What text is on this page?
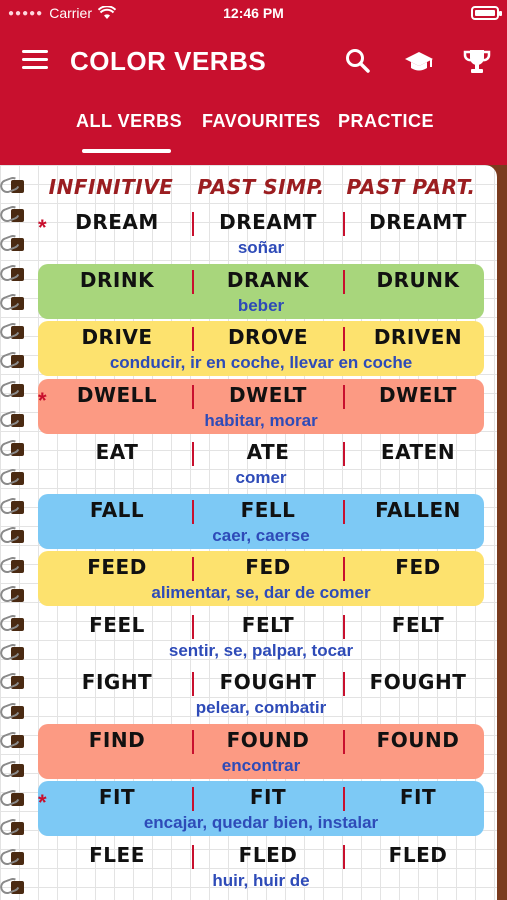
●●●●● Carrier	12:46 PM
COLOR VERBS
ALL VERBS FAVOURITES PRACTICE
INFINITIVE	PAST SIMP.	PAST PART.
*	DREAM	DREAMT	DREAMT
soñar
DRINK	DRANK	DRUNK
beber
DRIVE	DROVE	DRIVEN
conducir, ir en coche, llevar en coche
*	DWELL	DWELT	DWELT
habitar, morar
EAT	ATE	EATEN
comer
FALL	FELL	FALLEN
caer, caerse
FEED	FED	FED
alimentar, se, dar de comer
FEEL	FELT	FELT
sentir, se, palpar, tocar
FIGHT	FOUGHT	FOUGHT
pelear, combatir
FIND	FOUND	FOUND
encontrar
*	FIT	FIT	FIT
encajar, quedar bien, instalar
FLEE	FLED	FLED
huir, huir de
